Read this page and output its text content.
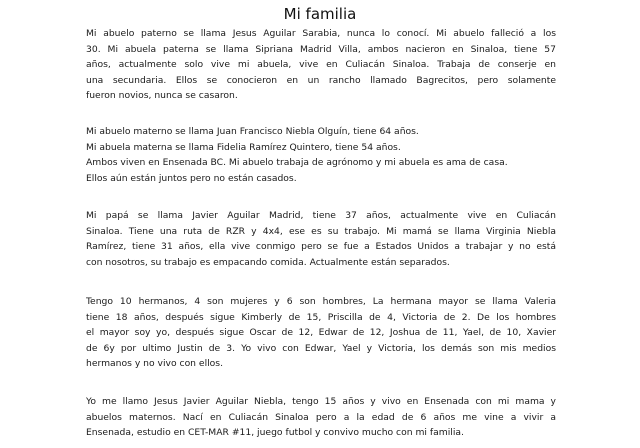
Mi familia
Mi abuelo paterno se llama Jesus Aguilar Sarabia, nunca lo conocí. Mi abuelo falleció a los
30. Mi abuela paterna se llama Sipriana Madrid Villa, ambos nacieron en Sinaloa, tiene 57
años, actualmente solo vive mi abuela, vive en Culiacán Sinaloa. Trabaja de conserje en
una secundaria. Ellos se conocieron en un rancho llamado Bagrecitos, pero solamente
fueron novios, nunca se casaron.
Mi abuelo materno se llama Juan Francisco Niebla Olguín, tiene 64 años.
Mi abuela materna se llama Fidelia Ramírez Quintero, tiene 54 años.
Ambos viven en Ensenada BC. Mi abuelo trabaja de agrónomo y mi abuela es ama de casa.
Ellos aún están juntos pero no están casados.
Mi papá se llama Javier Aguilar Madrid, tiene 37 años, actualmente vive en Culiacán
Sinaloa. Tiene una ruta de RZR y 4x4, ese es su trabajo. Mi mamá se llama Virginia Niebla
Ramírez, tiene 31 años, ella vive conmigo pero se fue a Estados Unidos a trabajar y no está
con nosotros, su trabajo es empacando comida. Actualmente están separados.
Tengo 10 hermanos, 4 son mujeres y 6 son hombres, La hermana mayor se llama Valeria
tiene 18 años, después sigue Kimberly de 15, Priscilla de 4, Victoria de 2. De los hombres
el mayor soy yo, después sigue Oscar de 12, Edwar de 12, Joshua de 11, Yael, de 10, Xavier
de 6y por ultimo Justin de 3. Yo vivo con Edwar, Yael y Victoria, los demás son mis medios
hermanos y no vivo con ellos.
Yo me llamo Jesus Javier Aguilar Niebla, tengo 15 años y vivo en Ensenada con mi mama y
abuelos maternos. Nací en Culiacán Sinaloa pero a la edad de 6 años me vine a vivir a
Ensenada, estudio en CET-MAR #11, juego futbol y convivo mucho con mi familia.
